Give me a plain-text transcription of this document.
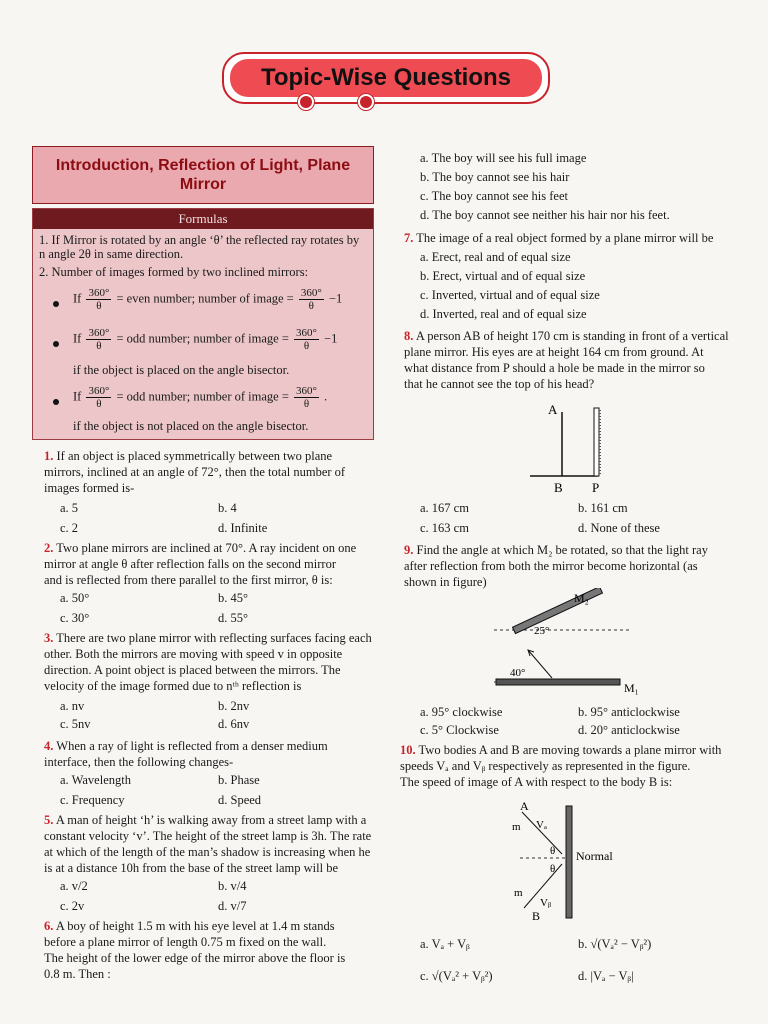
Topic-Wise Questions
Introduction, Reflection of Light, Plane Mirror
Formulas
1. If Mirror is rotated by an angle ‘θ’ the reflected ray rotates by n angle 2θ in same direction.
2. Number of images formed by two inclined mirrors:
If $\frac{360^\circ}{\theta}$ = even number; number of image = $\frac{360^\circ}{\theta} -1$
If $\frac{360^\circ}{\theta}$ = odd number; number of image = $\frac{360^\circ}{\theta} -1$
if the object is placed on the angle bisector.
If $\frac{360^\circ}{\theta}$ = odd number; number of image = $\frac{360^\circ}{\theta}$ .
if the object is not placed on the angle bisector.
1. If an object is placed symmetrically between two plane
mirrors, inclined at an angle of 72°, then the total number of
images formed is-
a. 5	b. 4
c. 2	d. Infinite
2. Two plane mirrors are inclined at 70°. A ray incident on one
mirror at angle θ after reflection falls on the second mirror
and is reflected from there parallel to the first mirror, θ is:
a. 50°	b. 45°
c. 30°	d. 55°
3. There are two plane mirror with reflecting surfaces facing each
other. Both the mirrors are moving with speed v in opposite
direction. A point object is placed between the mirrors. The
velocity of the image formed due to nᵗʰ reflection is
a. nv	b. 2nv
c. 5nv	d. 6nv
4. When a ray of light is reflected from a denser medium
interface, then the following changes-
a. Wavelength	b. Phase
c. Frequency	d. Speed
5. A man of height ‘h’ is walking away from a street lamp with a
constant velocity ‘v’. The height of the street lamp is 3h. The rate
at which of the length of the man’s shadow is increasing when he
is at a distance 10h from the base of the street lamp will be
a. v/2	b. v/4
c. 2v	d. v/7
6. A boy of height 1.5 m with his eye level at 1.4 m stands
before a plane mirror of length 0.75 m fixed on the wall.
The height of the lower edge of the mirror above the floor is
0.8 m. Then :
a. The boy will see his full image
b. The boy cannot see his hair
c. The boy cannot see his feet
d. The boy cannot see neither his hair nor his feet.
7. The image of a real object formed by a plane mirror will be
a. Erect, real and of equal size
b. Erect, virtual and of equal size
c. Inverted, virtual and of equal size
d. Inverted, real and of equal size
8. A person AB of height 170 cm is standing in front of a vertical
plane mirror. His eyes are at height 164 cm from ground. At
what distance from P should a hole be made in the mirror so
that he cannot see the top of his head?
A
B P
a. 167 cm	b. 161 cm
c. 163 cm	d. None of these
9. Find the angle at which M₂ be rotated, so that the light ray
after reflection from both the mirror become horizontal (as
shown in figure)
M₂
25°
40°
M₁
a. 95° clockwise	b. 95° anticlockwise
c. 5° Clockwise	d. 20° anticlockwise
10. Two bodies A and B are moving towards a plane mirror with
speeds Vₐ and Vᵦ respectively as represented in the figure.
The speed of image of A with respect to the body B is:
A
m Vₐ
θ
θ
Normal
m
Vᵦ
B
a. Vₐ + Vᵦ	b. √(Vₐ² − Vᵦ²)
c. √(Vₐ² + Vᵦ²)	d. |Vₐ − Vᵦ|
